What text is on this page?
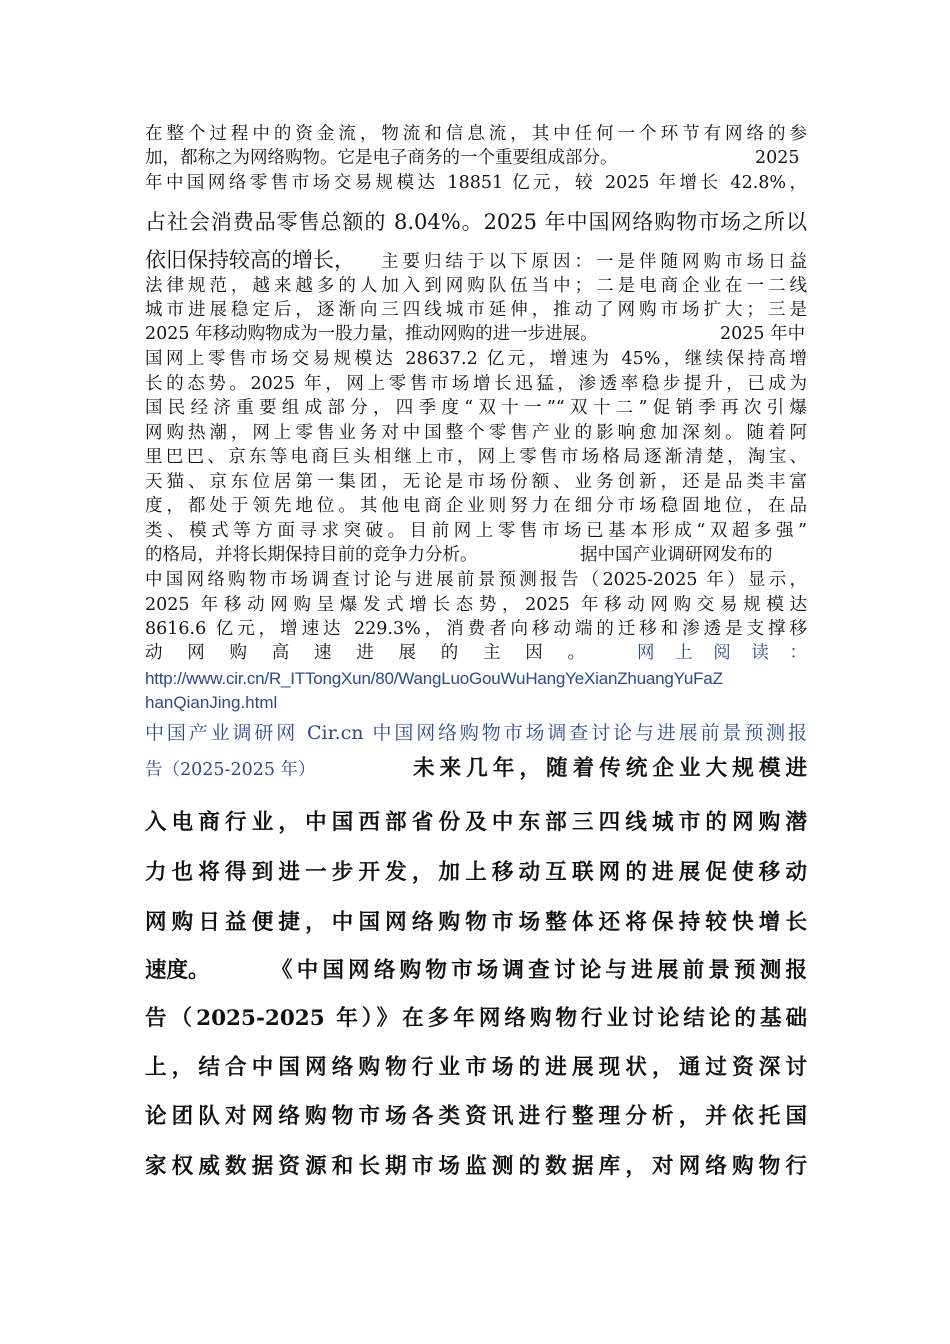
在整个过程中的资金流，物流和信息流，其中任何一个环节有网络的参
加，都称之为网络购物。它是电子商务的一个重要组成部分。	2025
年中国网络零售市场交易规模达 18851 亿元，较 2025 年增长 42.8%，
占社会消费品零售总额的 8.04%。2025 年中国网络购物市场之所以
依旧保持较高的增长， 主要归结于以下原因：一是伴随网购市场日益
法律规范，越来越多的人加入到网购队伍当中；二是电商企业在一二线
城市进展稳定后，逐渐向三四线城市延伸，推动了网购市场扩大；三是
2025 年移动购物成为一股力量，推动网购的进一步进展。	2025 年中
国网上零售市场交易规模达 28637.2 亿元，增速为 45%，继续保持高增
长的态势。2025 年，网上零售市场增长迅猛，渗透率稳步提升，已成为
国民经济重要组成部分，四季度“双十一”“双十二”促销季再次引爆
网购热潮，网上零售业务对中国整个零售产业的影响愈加深刻。随着阿
里巴巴、京东等电商巨头相继上市，网上零售市场格局逐渐清楚，淘宝、
天猫、京东位居第一集团，无论是市场份额、业务创新，还是品类丰富
度，都处于领先地位。其他电商企业则努力在细分市场稳固地位，在品
类、模式等方面寻求突破。目前网上零售市场已基本形成“双超多强”
的格局，并将长期保持目前的竞争力分析。	据中国产业调研网发布的
中国网络购物市场调查讨论与进展前景预测报告（2025-2025 年）显示，
2025 年移动网购呈爆发式增长态势，2025 年移动网购交易规模达
8616.6 亿元，增速达 229.3%，消费者向移动端的迁移和渗透是支撑移
动网购高速进展的主因。	网上阅读：
http://www.cir.cn/R_ITTongXun/80/WangLuoGouWuHangYeXianZhuangYuFaZ
hanQianJing.html
中国产业调研网 Cir.cn 中国网络购物市场调查讨论与进展前景预测报
告（2025-2025 年）	未来几年，随着传统企业大规模进
入电商行业，中国西部省份及中东部三四线城市的网购潜
力也将得到进一步开发，加上移动互联网的进展促使移动
网购日益便捷，中国网络购物市场整体还将保持较快增长
速度。	《中国网络购物市场调查讨论与进展前景预测报
告（2025-2025 年）》在多年网络购物行业讨论结论的基础
上，结合中国网络购物行业市场的进展现状，通过资深讨
论团队对网络购物市场各类资讯进行整理分析，并依托国
家权威数据资源和长期市场监测的数据库，对网络购物行
